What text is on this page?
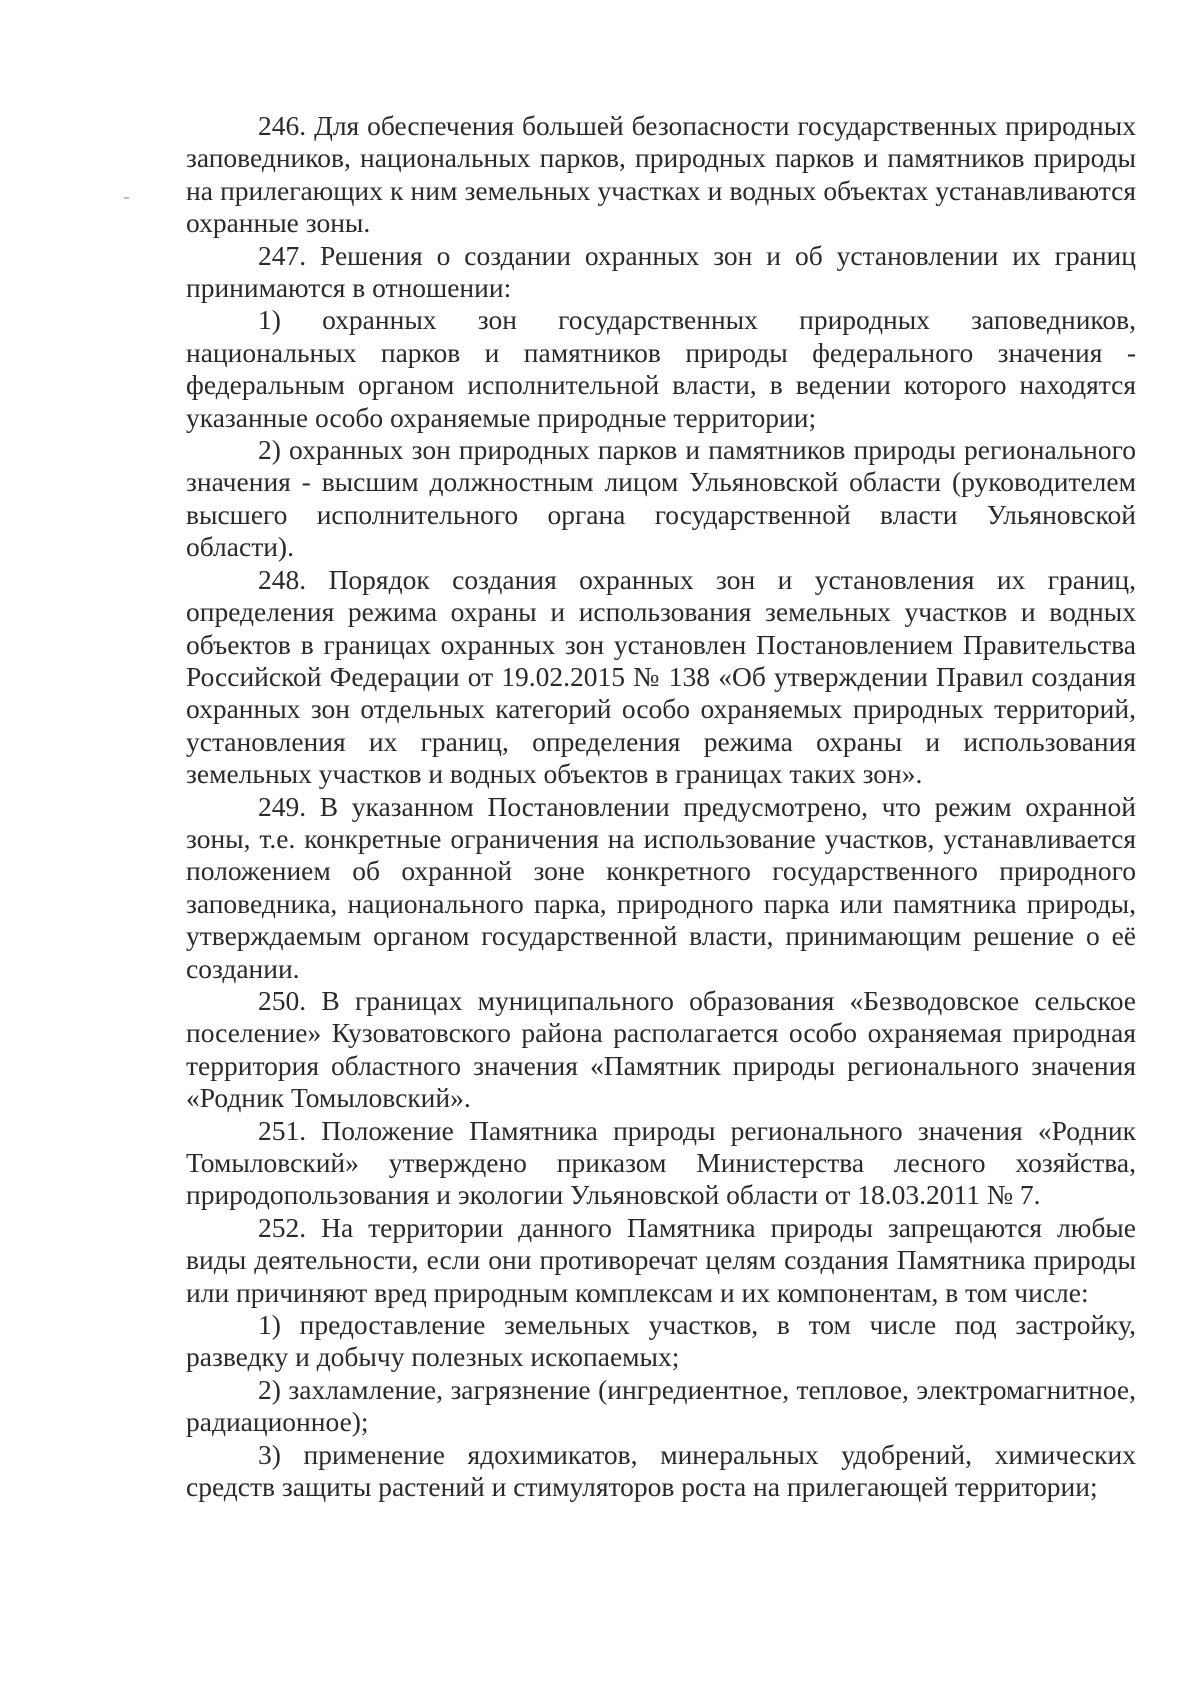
246. Для обеспечения большей безопасности государственных природных заповедников, национальных парков, природных парков и памятников природы на прилегающих к ним земельных участках и водных объектах устанавливаются охранные зоны.

247. Решения о создании охранных зон и об установлении их границ принимаются в отношении:

1) охранных зон государственных природных заповедников, национальных парков и памятников природы федерального значения - федеральным органом исполнительной власти, в ведении которого находятся указанные особо охраняемые природные территории;

2) охранных зон природных парков и памятников природы регионального значения - высшим должностным лицом Ульяновской области (руководителем высшего исполнительного органа государственной власти Ульяновской области).

248. Порядок создания охранных зон и установления их границ, определения режима охраны и использования земельных участков и водных объектов в границах охранных зон установлен Постановлением Правительства Российской Федерации от 19.02.2015 № 138 «Об утверждении Правил создания охранных зон отдельных категорий особо охраняемых природных территорий, установления их границ, определения режима охраны и использования земельных участков и водных объектов в границах таких зон».

249. В указанном Постановлении предусмотрено, что режим охранной зоны, т.е. конкретные ограничения на использование участков, устанавливается положением об охранной зоне конкретного государственного природного заповедника, национального парка, природного парка или памятника природы, утверждаемым органом государственной власти, принимающим решение о её создании.

250. В границах муниципального образования «Безводовское сельское поселение» Кузоватовского района располагается особо охраняемая природная территория областного значения «Памятник природы регионального значения «Родник Томыловский».

251. Положение Памятника природы регионального значения «Родник Томыловский» утверждено приказом Министерства лесного хозяйства, природопользования и экологии Ульяновской области от 18.03.2011 № 7.

252. На территории данного Памятника природы запрещаются любые виды деятельности, если они противоречат целям создания Памятника природы или причиняют вред природным комплексам и их компонентам, в том числе:

1) предоставление земельных участков, в том числе под застройку, разведку и добычу полезных ископаемых;

2) захламление, загрязнение (ингредиентное, тепловое, электромагнитное, радиационное);

3) применение ядохимикатов, минеральных удобрений, химических средств защиты растений и стимуляторов роста на прилегающей территории;
